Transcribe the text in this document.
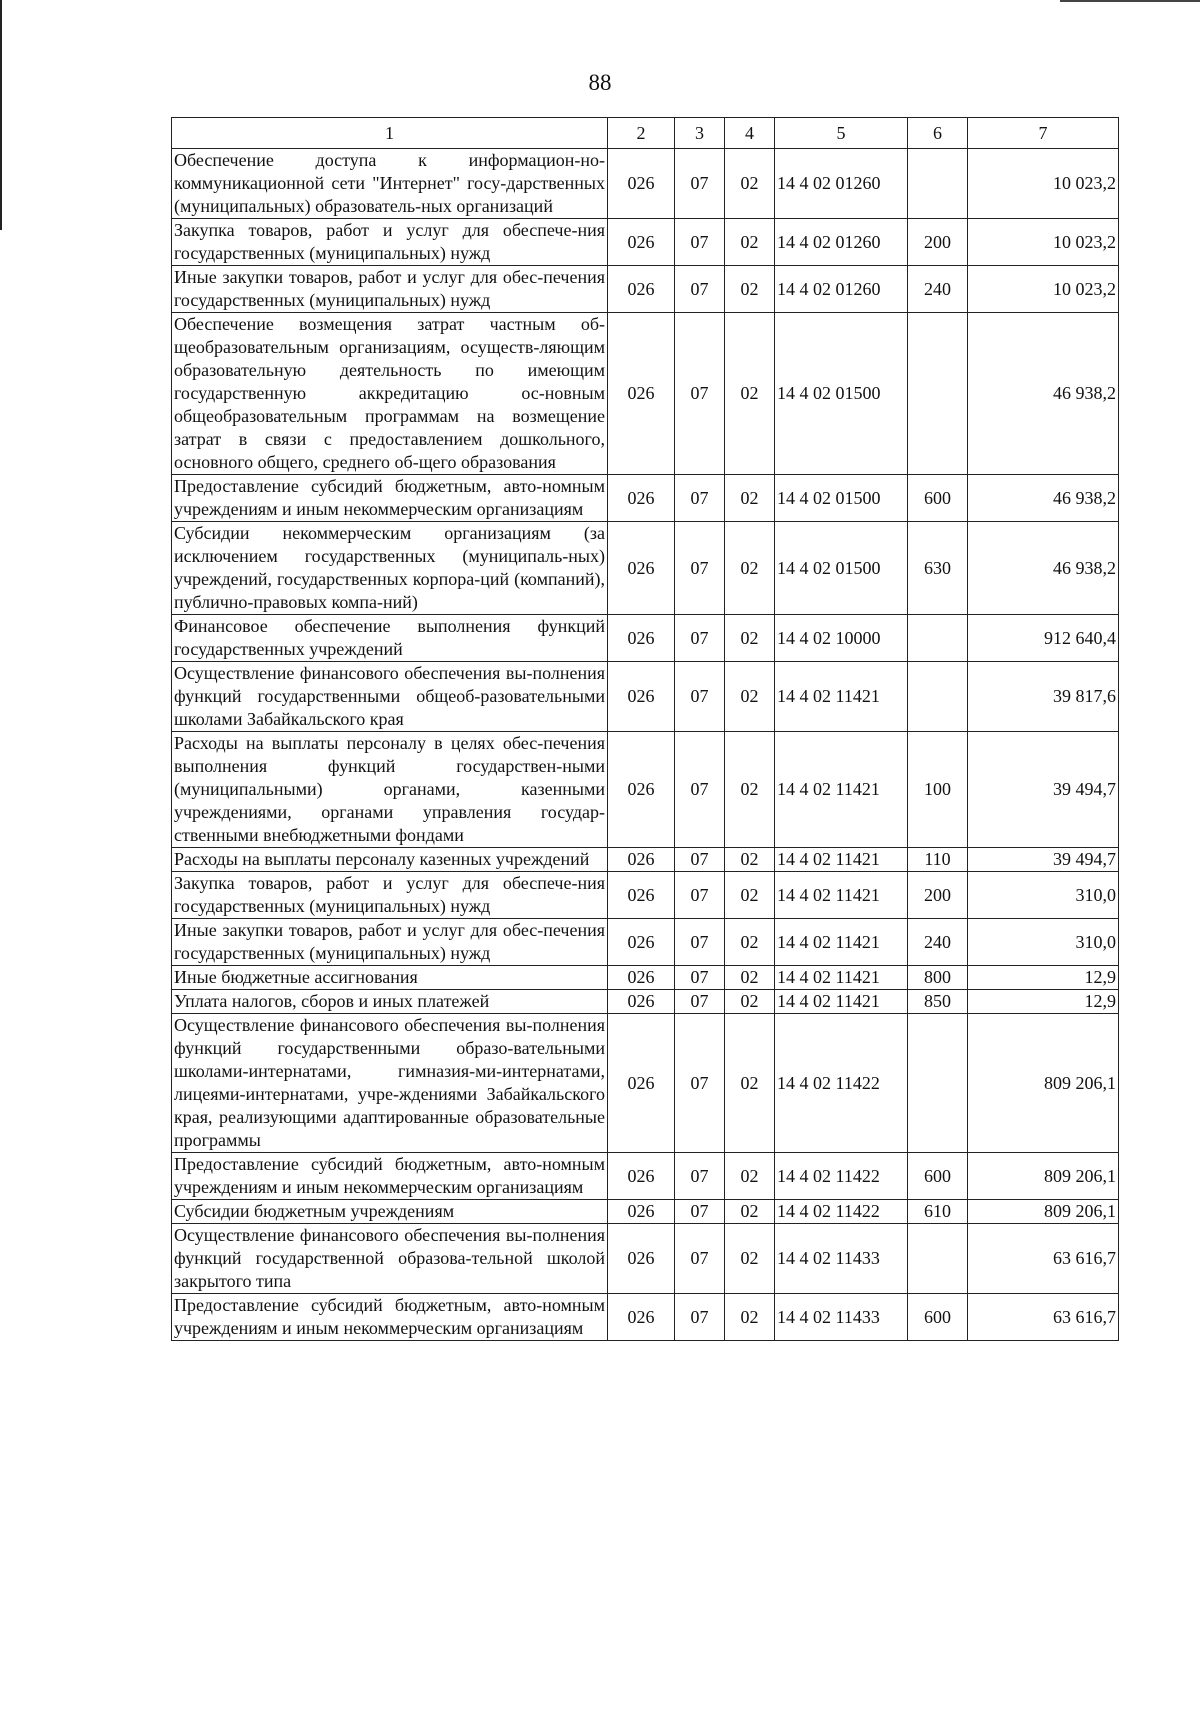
88
1	2	3	4	5	6	7
Обеспечение доступа к информацион-но-коммуникационной сети "Интернет" госу-дарственных (муниципальных) образователь-ных организаций	026	07	02	14 4 02 01260		10 023,2
Закупка товаров, работ и услуг для обеспече-ния государственных (муниципальных) нужд	026	07	02	14 4 02 01260	200	10 023,2
Иные закупки товаров, работ и услуг для обес-печения государственных (муниципальных) нужд	026	07	02	14 4 02 01260	240	10 023,2
Обеспечение возмещения затрат частным об-щеобразовательным организациям, осуществ-ляющим образовательную деятельность по имеющим государственную аккредитацию ос-новным общеобразовательным программам на возмещение затрат в связи с предоставлением дошкольного, основного общего, среднего об-щего образования	026	07	02	14 4 02 01500		46 938,2
Предоставление субсидий бюджетным, авто-номным учреждениям и иным некоммерческим организациям	026	07	02	14 4 02 01500	600	46 938,2
Субсидии некоммерческим организациям (за исключением государственных (муниципаль-ных) учреждений, государственных корпора-ций (компаний), публично-правовых компа-ний)	026	07	02	14 4 02 01500	630	46 938,2
Финансовое обеспечение выполнения функций государственных учреждений	026	07	02	14 4 02 10000		912 640,4
Осуществление финансового обеспечения вы-полнения функций государственными общеоб-разовательными школами Забайкальского края	026	07	02	14 4 02 11421		39 817,6
Расходы на выплаты персоналу в целях обес-печения выполнения функций государствен-ными (муниципальными) органами, казенными учреждениями, органами управления государ-ственными внебюджетными фондами	026	07	02	14 4 02 11421	100	39 494,7
Расходы на выплаты персоналу казенных учреждений	026	07	02	14 4 02 11421	110	39 494,7
Закупка товаров, работ и услуг для обеспече-ния государственных (муниципальных) нужд	026	07	02	14 4 02 11421	200	310,0
Иные закупки товаров, работ и услуг для обес-печения государственных (муниципальных) нужд	026	07	02	14 4 02 11421	240	310,0
Иные бюджетные ассигнования	026	07	02	14 4 02 11421	800	12,9
Уплата налогов, сборов и иных платежей	026	07	02	14 4 02 11421	850	12,9
Осуществление финансового обеспечения вы-полнения функций государственными образо-вательными школами-интернатами, гимназия-ми-интернатами, лицеями-интернатами, учре-ждениями Забайкальского края, реализующими адаптированные образовательные программы	026	07	02	14 4 02 11422		809 206,1
Предоставление субсидий бюджетным, авто-номным учреждениям и иным некоммерческим организациям	026	07	02	14 4 02 11422	600	809 206,1
Субсидии бюджетным учреждениям	026	07	02	14 4 02 11422	610	809 206,1
Осуществление финансового обеспечения вы-полнения функций государственной образова-тельной школой закрытого типа	026	07	02	14 4 02 11433		63 616,7
Предоставление субсидий бюджетным, авто-номным учреждениям и иным некоммерческим организациям	026	07	02	14 4 02 11433	600	63 616,7
